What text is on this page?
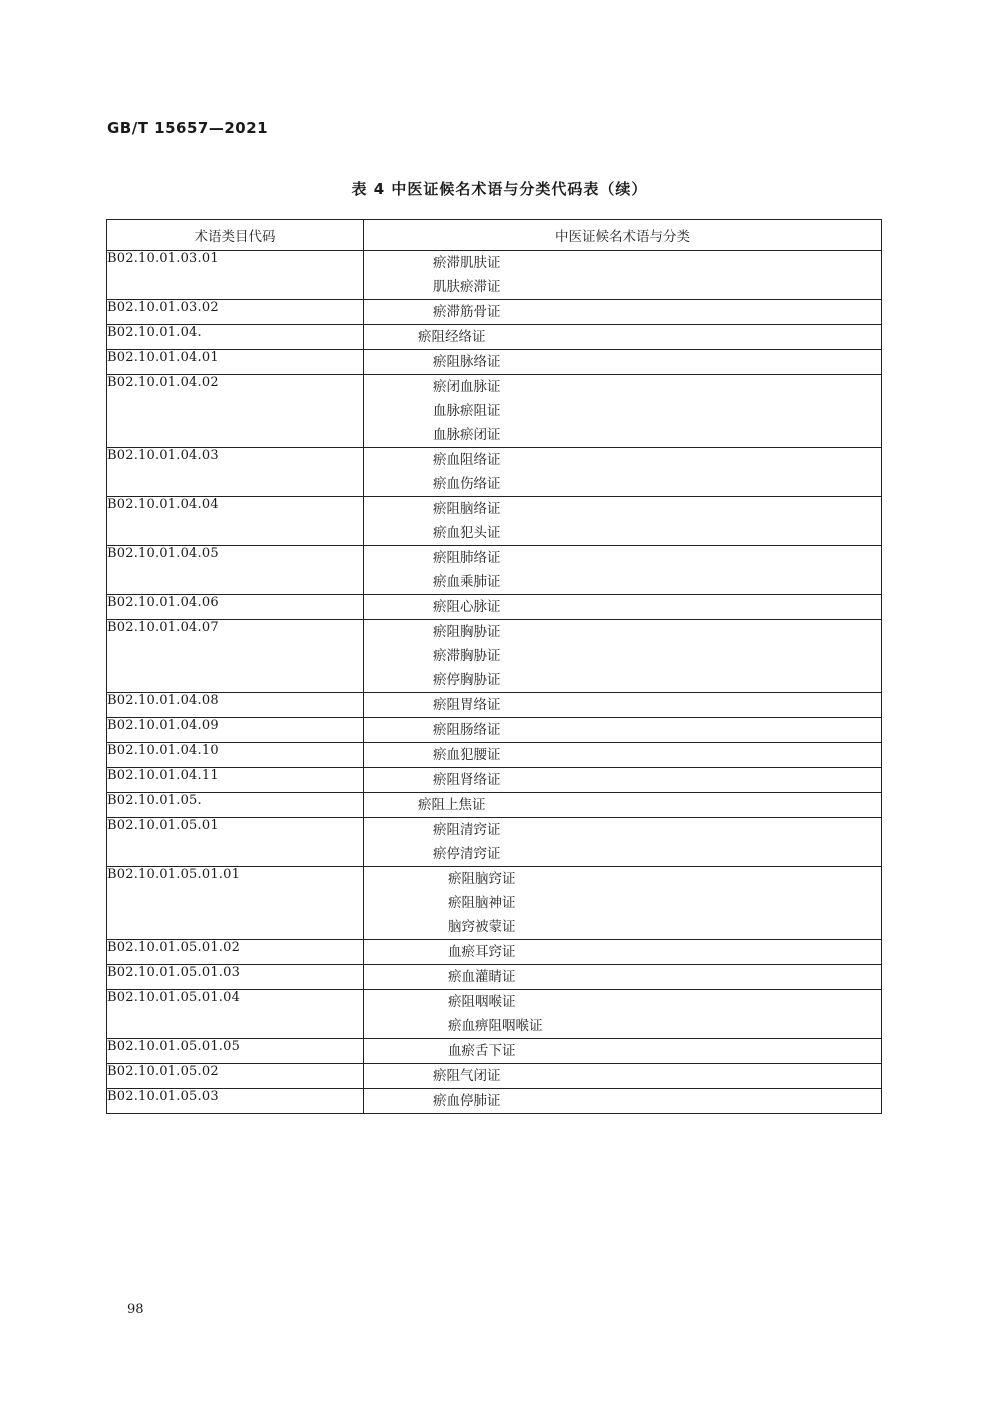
GB/T 15657—2021
表 4 中医证候名术语与分类代码表（续）
术语类目代码	中医证候名术语与分类
B02.10.01.03.01	瘀滞肌肤证
肌肤瘀滞证

B02.10.01.03.02	瘀滞筋骨证

B02.10.01.04.	瘀阻经络证

B02.10.01.04.01	瘀阻脉络证

B02.10.01.04.02	瘀闭血脉证
血脉瘀阻证
血脉瘀闭证

B02.10.01.04.03	瘀血阻络证
瘀血伤络证

B02.10.01.04.04	瘀阻脑络证
瘀血犯头证

B02.10.01.04.05	瘀阻肺络证
瘀血乘肺证

B02.10.01.04.06	瘀阻心脉证

B02.10.01.04.07	瘀阻胸胁证
瘀滞胸胁证
瘀停胸胁证

B02.10.01.04.08	瘀阻胃络证

B02.10.01.04.09	瘀阻肠络证

B02.10.01.04.10	瘀血犯腰证

B02.10.01.04.11	瘀阻肾络证

B02.10.01.05.	瘀阻上焦证

B02.10.01.05.01	瘀阻清窍证
瘀停清窍证

B02.10.01.05.01.01	瘀阻脑窍证
瘀阻脑神证
脑窍被蒙证

B02.10.01.05.01.02	血瘀耳窍证

B02.10.01.05.01.03	瘀血灌睛证

B02.10.01.05.01.04	瘀阻咽喉证
瘀血痹阻咽喉证

B02.10.01.05.01.05	血瘀舌下证

B02.10.01.05.02	瘀阻气闭证

B02.10.01.05.03	瘀血停肺证
98
